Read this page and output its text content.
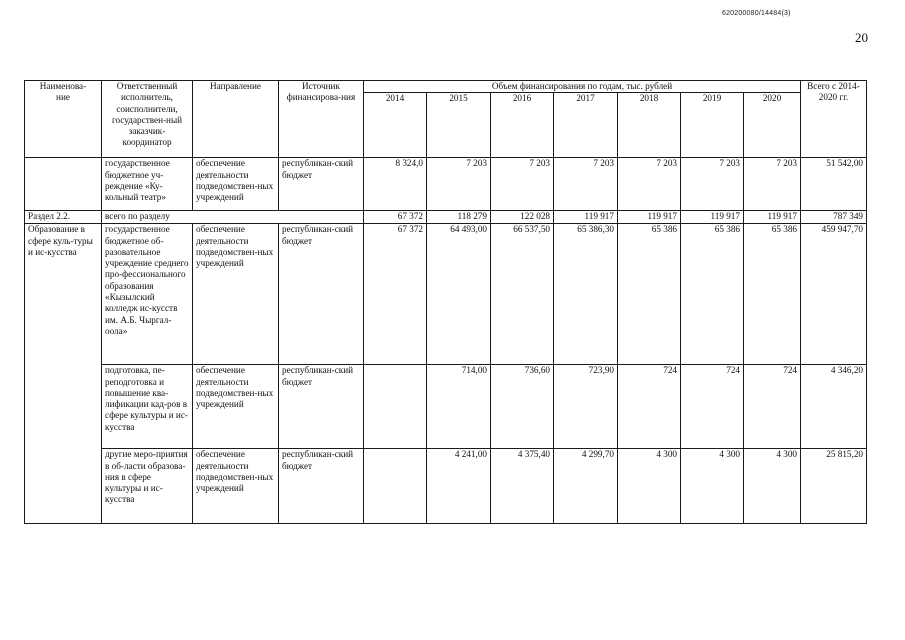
620200080/14484(3)
20
Наименова-
ние	Ответственный исполнитель, соисполнители, государствен-ный заказчик-координатор	Направление	Источник финансирова-ния	Объем финансирования по годам, тыс. рублей							Всего с 2014-2020 гг.
				2014	2015	2016	2017	2018	2019	2020	
	государственное бюджетное уч-реждение «Ку-кольный театр»	обеспечение деятельности подведомствен-ных учреждений	республикан-ский бюджет	8 324,0	7 203	7 203	7 203	7 203	7 203	7 203	51 542,00
Раздел 2.2.	всего по разделу			67 372	118 279	122 028	119 917	119 917	119 917	119 917	787 349
Образование в сфере куль-туры и ис-кусства	государственное бюджетное об-разовательное учреждение среднего про-фессионального образования «Кызылский колледж ис-кусств им. А.Б. Чыргал-оола»	обеспечение деятельности подведомствен-ных учреждений	республикан-ский бюджет	67 372	64 493,00	66 537,50	65 386,30	65 386	65 386	65 386	459 947,70
	подготовка, пе-реподготовка и повышение ква-лификации кад-ров в сфере культуры и ис-кусства	обеспечение деятельности подведомствен-ных учреждений	республикан-ский бюджет		714,00	736,60	723,90	724	724	724	4 346,20
	другие меро-приятия в об-ласти образова-ния в сфере культуры и ис-кусства	обеспечение деятельности подведомствен-ных учреждений	республикан-ский бюджет		4 241,00	4 375,40	4 299,70	4 300	4 300	4 300	25 815,20
